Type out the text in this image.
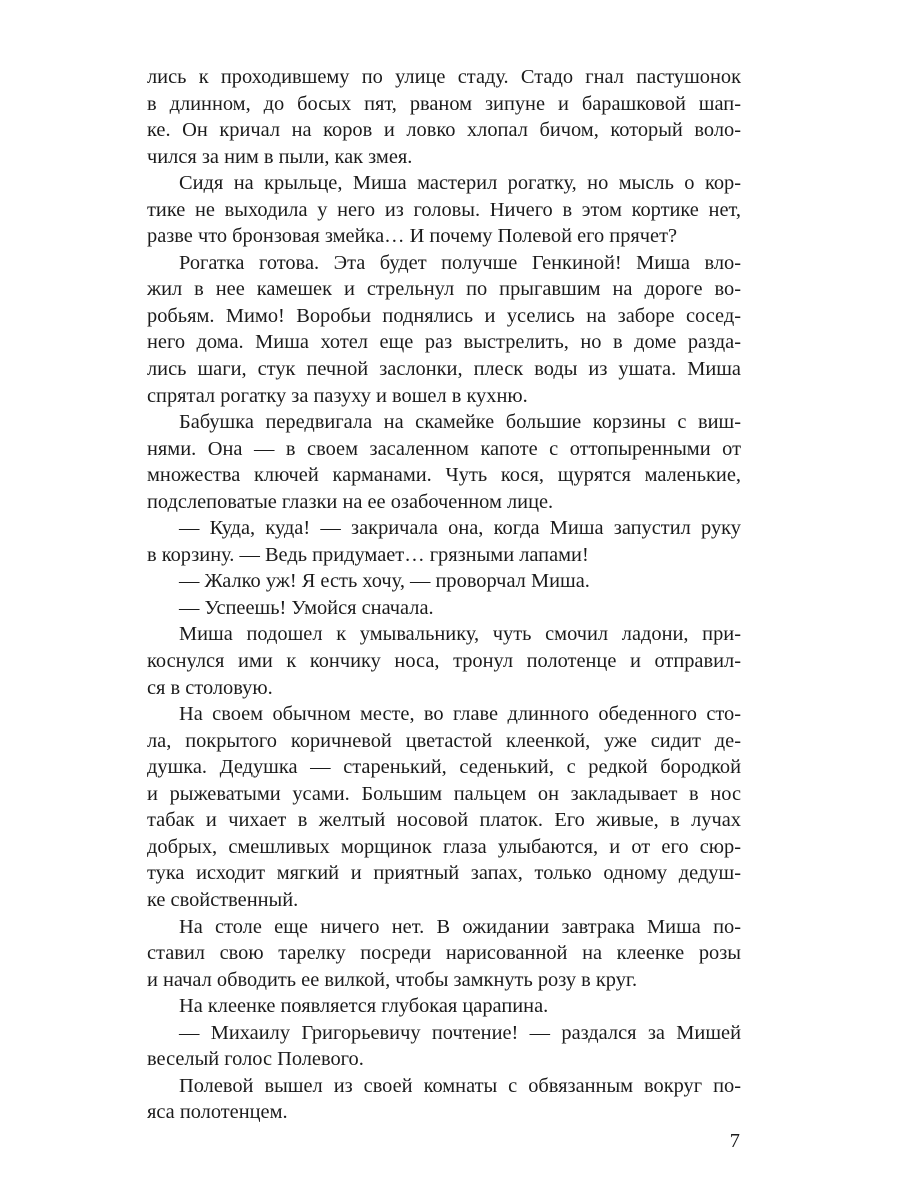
лись к проходившему по улице стаду. Стадо гнал пастушонок
в длинном, до босых пят, рваном зипуне и барашковой шап-
ке. Он кричал на коров и ловко хлопал бичом, который воло-
чился за ним в пыли, как змея.
Сидя на крыльце, Миша мастерил рогатку, но мысль о кор-
тике не выходила у него из головы. Ничего в этом кортике нет,
разве что бронзовая змейка… И почему Полевой его прячет?
Рогатка готова. Эта будет получше Генкиной! Миша вло-
жил в нее камешек и стрельнул по прыгавшим на дороге во-
робьям. Мимо! Воробьи поднялись и уселись на заборе сосед-
него дома. Миша хотел еще раз выстрелить, но в доме разда-
лись шаги, стук печной заслонки, плеск воды из ушата. Миша
спрятал рогатку за пазуху и вошел в кухню.
Бабушка передвигала на скамейке большие корзины с виш-
нями. Она — в своем засаленном капоте с оттопыренными от
множества ключей карманами. Чуть кося, щурятся маленькие,
подслеповатые глазки на ее озабоченном лице.
— Куда, куда! — закричала она, когда Миша запустил руку
в корзину. — Ведь придумает… грязными лапами!
— Жалко уж! Я есть хочу, — проворчал Миша.
— Успеешь! Умойся сначала.
Миша подошел к умывальнику, чуть смочил ладони, при-
коснулся ими к кончику носа, тронул полотенце и отправил-
ся в столовую.
На своем обычном месте, во главе длинного обеденного сто-
ла, покрытого коричневой цветастой клеенкой, уже сидит де-
душка. Дедушка — старенький, седенький, с редкой бородкой
и рыжеватыми усами. Большим пальцем он закладывает в нос
табак и чихает в желтый носовой платок. Его живые, в лучах
добрых, смешливых морщинок глаза улыбаются, и от его сюр-
тука исходит мягкий и приятный запах, только одному дедуш-
ке свойственный.
На столе еще ничего нет. В ожидании завтрака Миша по-
ставил свою тарелку посреди нарисованной на клеенке розы
и начал обводить ее вилкой, чтобы замкнуть розу в круг.
На клеенке появляется глубокая царапина.
— Михаилу Григорьевичу почтение! — раздался за Мишей
веселый голос Полевого.
Полевой вышел из своей комнаты с обвязанным вокруг по-
яса полотенцем.
7
